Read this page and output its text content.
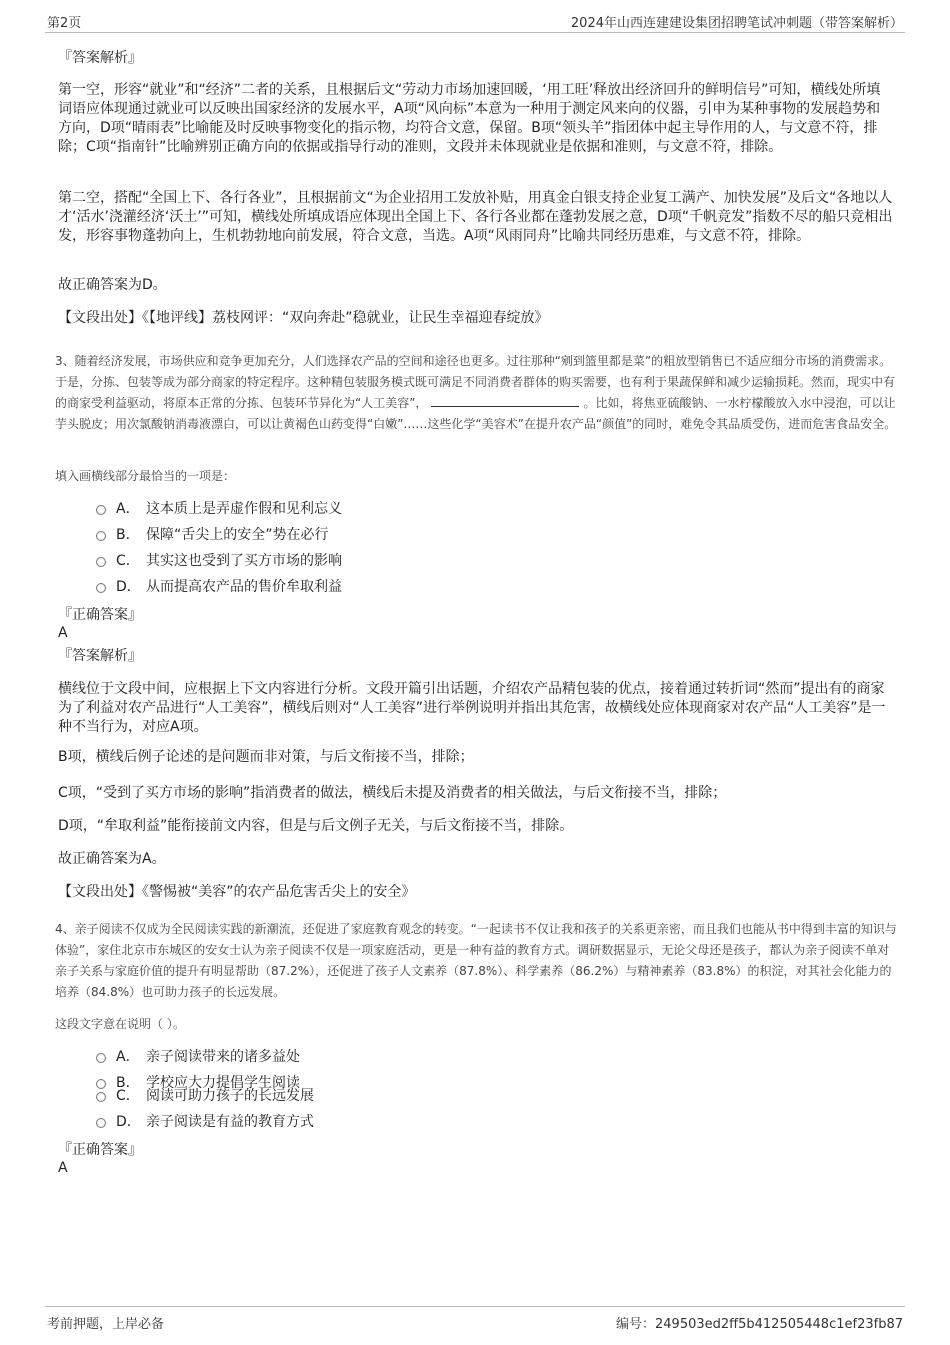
第2页	2024年山西连建建设集团招聘笔试冲刺题（带答案解析）
『答案解析』

第一空，形容“就业”和“经济”二者的关系，且根据后文“劳动力市场加速回暖，‘用工旺’释放出经济回升的鲜明信号”可知，横线处所填词语应体现通过就业可以反映出国家经济的发展水平，A项“风向标”本意为一种用于测定风来向的仪器，引申为某种事物的发展趋势和方向，D项“晴雨表”比喻能及时反映事物变化的指示物，均符合文意，保留。B项“领头羊”指团体中起主导作用的人，与文意不符，排除；C项“指南针”比喻辨别正确方向的依据或指导行动的准则，文段并未体现就业是依据和准则，与文意不符，排除。

第二空，搭配“全国上下、各行各业”，且根据前文“为企业招用工发放补贴，用真金白银支持企业复工满产、加快发展”及后文“各地以人才‘活水’浇灌经济‘沃土’”可知，横线处所填成语应体现出全国上下、各行各业都在蓬勃发展之意，D项“千帆竞发”指数不尽的船只竞相出发，形容事物蓬勃向上，生机勃勃地向前发展，符合文意，当选。A项“风雨同舟”比喻共同经历患难，与文意不符，排除。

故正确答案为D。

【文段出处】《【地评线】荔枝网评：“双向奔赴”稳就业，让民生幸福迎春绽放》

3、随着经济发展，市场供应和竞争更加充分，人们选择农产品的空间和途径也更多。过往那种“剜到篮里都是菜”的粗放型销售已不适应细分市场的消费需求。于是，分拣、包装等成为部分商家的特定程序。这种精包装服务模式既可满足不同消费者群体的购买需要，也有利于果蔬保鲜和减少运输损耗。然而，现实中有的商家受利益驱动，将原本正常的分拣、包装环节异化为“人工美容”，	。比如，将焦亚硫酸钠、一水柠檬酸放入水中浸泡，可以让芋头脱皮；用次氯酸钠消毒液漂白，可以让黄褐色山药变得“白嫩”……这些化学“美容术”在提升农产品“颜值”的同时，难免令其品质受伤，进而危害食品安全。

填入画横线部分最恰当的一项是：
A． 这本质上是弄虚作假和见利忘义
B． 保障“舌尖上的安全”势在必行
C． 其实这也受到了买方市场的影响
D． 从而提高农产品的售价牟取利益
『正确答案』
A
『答案解析』

横线位于文段中间，应根据上下文内容进行分析。文段开篇引出话题，介绍农产品精包装的优点，接着通过转折词“然而”提出有的商家为了利益对农产品进行“人工美容”，横线后则对“人工美容”进行举例说明并指出其危害，故横线处应体现商家对农产品“人工美容”是一种不当行为，对应A项。

B项，横线后例子论述的是问题而非对策，与后文衔接不当，排除；

C项，“受到了买方市场的影响”指消费者的做法，横线后未提及消费者的相关做法，与后文衔接不当，排除；

D项，“牟取利益”能衔接前文内容，但是与后文例子无关，与后文衔接不当，排除。

故正确答案为A。

【文段出处】《警惕被“美容”的农产品危害舌尖上的安全》

4、亲子阅读不仅成为全民阅读实践的新潮流，还促进了家庭教育观念的转变。“一起读书不仅让我和孩子的关系更亲密，而且我们也能从书中得到丰富的知识与体验”，家住北京市东城区的安女士认为亲子阅读不仅是一项家庭活动，更是一种有益的教育方式。调研数据显示，无论父母还是孩子，都认为亲子阅读不单对亲子关系与家庭价值的提升有明显帮助（87.2%），还促进了孩子人文素养（87.8%）、科学素养（86.2%）与精神素养（83.8%）的积淀，对其社会化能力的培养（84.8%）也可助力孩子的长远发展。

这段文字意在说明（ ）。
A． 亲子阅读带来的诸多益处
B． 学校应大力提倡学生阅读
C． 阅读可助力孩子的长远发展
D． 亲子阅读是有益的教育方式
『正确答案』
A
考前押题，上岸必备	编号：249503ed2ff5b412505448c1ef23fb87
